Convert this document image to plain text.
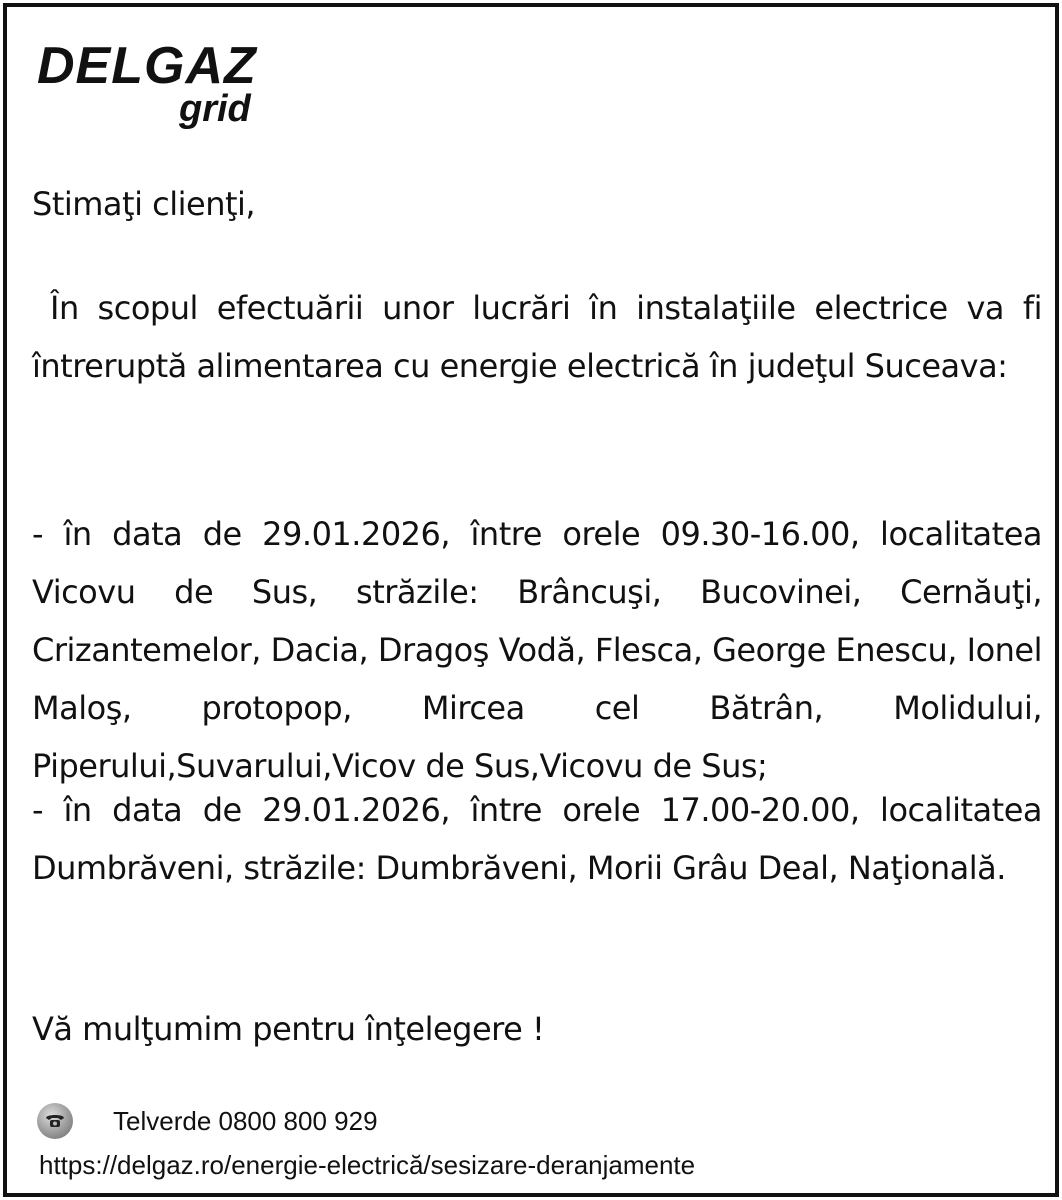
DELGAZ
grid
Stimaţi clienţi,
În scopul efectuării unor lucrări în instalaţiile electrice va fi întreruptă alimentarea cu energie electrică în judeţul Suceava:
- în data de 29.01.2026, între orele 09.30-16.00, localitatea Vicovu de Sus, străzile: Brâncuşi, Bucovinei, Cernăuţi, Crizantemelor, Dacia, Dragoş Vodă, Flesca, George Enescu, Ionel Maloş, protopop, Mircea cel Bătrân, Molidului, Piperului,Suvarului,Vicov de Sus,Vicovu de Sus;
- în data de 29.01.2026, între orele 17.00-20.00, localitatea Dumbrăveni, străzile: Dumbrăveni, Morii Grâu Deal, Naţională.
Vă mulţumim pentru înţelegere !
Telverde 0800 800 929
https://delgaz.ro/energie-electrică/sesizare-deranjamente
